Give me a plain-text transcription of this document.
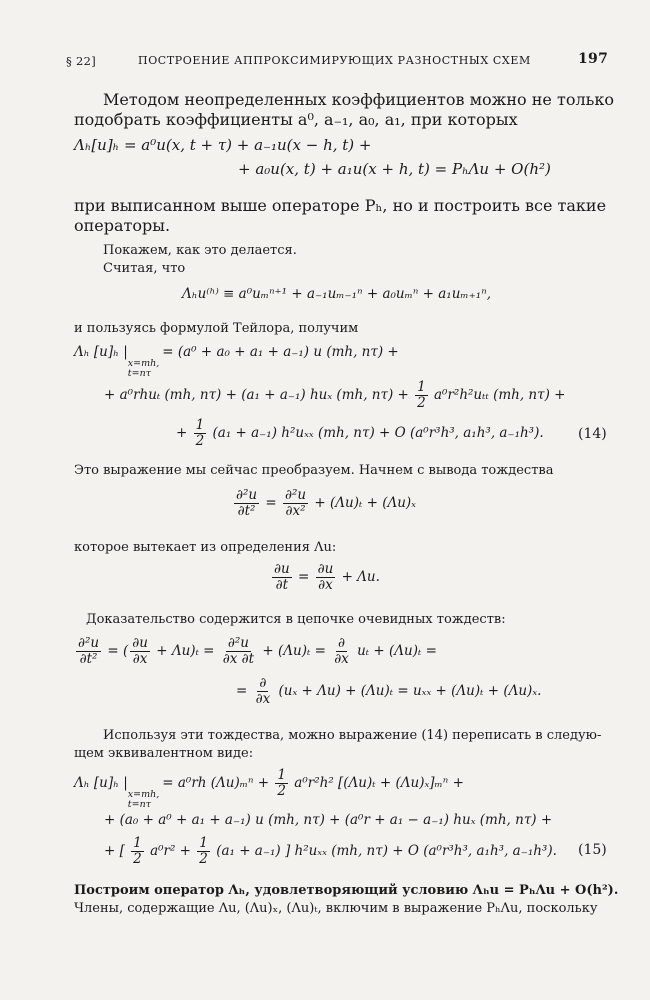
§ 22]	ПОСТРОЕНИЕ АППРОКСИМИРУЮЩИХ РАЗНОСТНЫХ СХЕМ	197
Методом неопределенных коэффициентов можно не только
подобрать коэффициенты a⁰, a₋₁, a₀, a₁, при которых
Λₕ[u]ₕ = a⁰u(x, t + τ) + a₋₁u(x − h, t) +
+ a₀u(x, t) + a₁u(x + h, t) = PₕΛu + O(h²)
при выписанном выше операторе Pₕ, но и построить все такие
операторы.
Покажем, как это делается.
Считая, что
Λₕu⁽ʰ⁾ ≡ a⁰uₘⁿ⁺¹ + a₋₁uₘ₋₁ⁿ + a₀uₘⁿ + a₁uₘ₊₁ⁿ,
и пользуясь формулой Тейлора, получим
Λₕ [u]ₕ |
x=mh,
t=nτ
= (a⁰ + a₀ + a₁ + a₋₁) u (mh, nτ) +
+ a⁰rhuₜ (mh, nτ) + (a₁ + a₋₁) huₓ (mh, $n\tau) + \frac{1}{2} a^0r^2h^2u_{tt}$ (mh, nτ) +
+ $\frac{1}{2} (a_1 + a_{-1})$ h²uₓₓ (mh, nτ) + O (a⁰r³h³, a₁h³, a₋₁h³). (14)
Это выражение мы сейчас преобразуем. Начнем с вывода тождества
$\frac{\text{∂²u}}{\text{∂t²}} = \frac{\text{∂²u}}{\text{∂x²}} + (\Lambda u)_t + (\Lambda u)_x$
которое вытекает из определения Λu:
$\frac{\partial u}{\partial t} = \frac{\partial u}{\partial x} + \Lambda u$.
Доказательство содержится в цепочке очевидных тождеств:
$\frac{\text{∂²u}}{\text{∂t²}}$ = ( $\frac{\partial u}{\partial x} + \Lambda u)_t = \frac{\text{∂²u}}{\partial x \partial t} + (\Lambda u)_t = \frac{\partial}{\partial x}$ uₜ + (Λu)ₜ =
= $\frac{\partial}{\partial x} (u_x + \Lambda u) + (\Lambda u)_t = u_{xx} + (\Lambda u)_t + (\Lambda u)_x$.
Используя эти тождества, можно выражение (14) переписать в следую-
щем эквивалентном виде:
Λₕ [u]ₕ |
x=mh,
t=nτ
= a⁰rh $(\Lambda u)_m^n + \frac{1}{2} a^0r^2h^2$ [(Λu)ₜ + (Λu)ₓ]ₘⁿ +
+ (a₀ + a⁰ + a₁ + a₋₁) u (mh, nτ) + (a⁰r + a₁ − a₋₁) huₓ (mh, nτ) +
+ [ $\frac{1}{2} a^0r^2 + \frac{1}{2} (a_1 + a_{-1})$ ] h²uₓₓ (mh, nτ) + O (a⁰r³h³, a₁h³, a₋₁h³). (15)
Построим оператор Λₕ, удовлетворяющий условию Λₕu = PₕΛu + O(h²).
Члены, содержащие Λu, (Λu)ₓ, (Λu)ₜ, включим в выражение PₕΛu, поскольку
